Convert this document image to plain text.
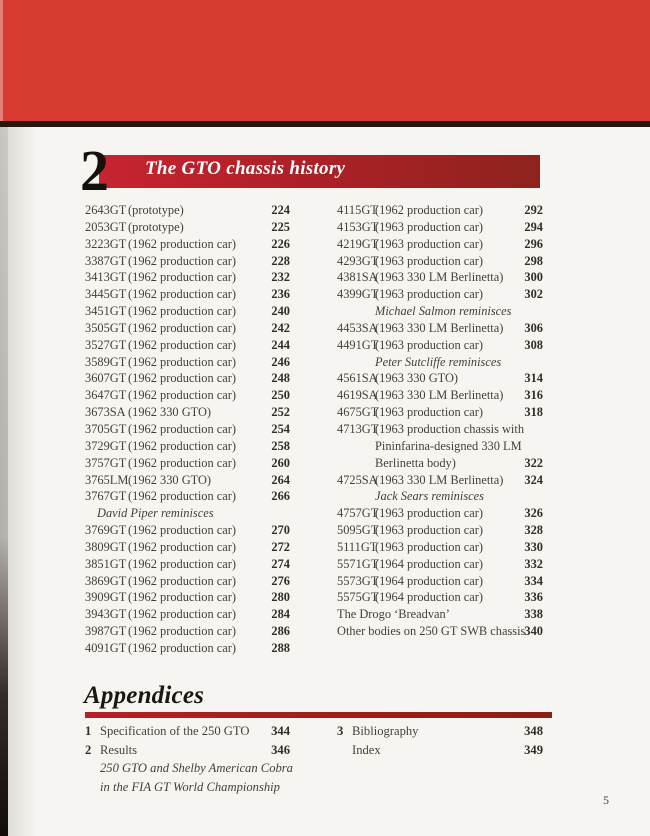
2 The GTO chassis history
2643GT (prototype)	224
2053GT (prototype)	225
3223GT (1962 production car)	226
3387GT (1962 production car)	228
3413GT (1962 production car)	232
3445GT (1962 production car)	236
3451GT (1962 production car)	240
3505GT (1962 production car)	242
3527GT (1962 production car)	244
3589GT (1962 production car)	246
3607GT (1962 production car)	248
3647GT (1962 production car)	250
3673SA (1962 330 GTO)	252
3705GT (1962 production car)	254
3729GT (1962 production car)	258
3757GT (1962 production car)	260
3765LM(1962 330 GTO)	264
3767GT (1962 production car)	266
David Piper reminisces
3769GT (1962 production car)	270
3809GT (1962 production car)	272
3851GT (1962 production car)	274
3869GT (1962 production car)	276
3909GT (1962 production car)	280
3943GT (1962 production car)	284
3987GT (1962 production car)	286
4091GT (1962 production car)	288
4115GT(1962 production car)	292
4153GT(1963 production car)	294
4219GT(1963 production car)	296
4293GT(1963 production car)	298
4381SA(1963 330 LM Berlinetta) 300
4399GT(1963 production car)	302
Michael Salmon reminisces
4453SA(1963 330 LM Berlinetta) 306
4491GT(1963 production car)	308
Peter Sutcliffe reminisces
4561SA(1963 330 GTO)	314
4619SA(1963 330 LM Berlinetta) 316
4675GT(1963 production car)	318
4713GT(1963 production chassis with
Pininfarina-designed 330 LM
Berlinetta body)	322
4725SA(1963 330 LM Berlinetta) 324
Jack Sears reminisces
4757GT(1963 production car)	326
5095GT(1963 production car)	328
5111GT(1963 production car)	330
5571GT(1964 production car)	332
5573GT(1964 production car)	334
5575GT(1964 production car)	336
The Drogo ‘Breadvan’	338
Other bodies on 250 GT SWB chassis 340
Appendices
1 Specification of the 250 GTO 344
2 Results	346
250 GTO and Shelby American Cobra
in the FIA GT World Championship
3 Bibliography	348
Index	349
5
